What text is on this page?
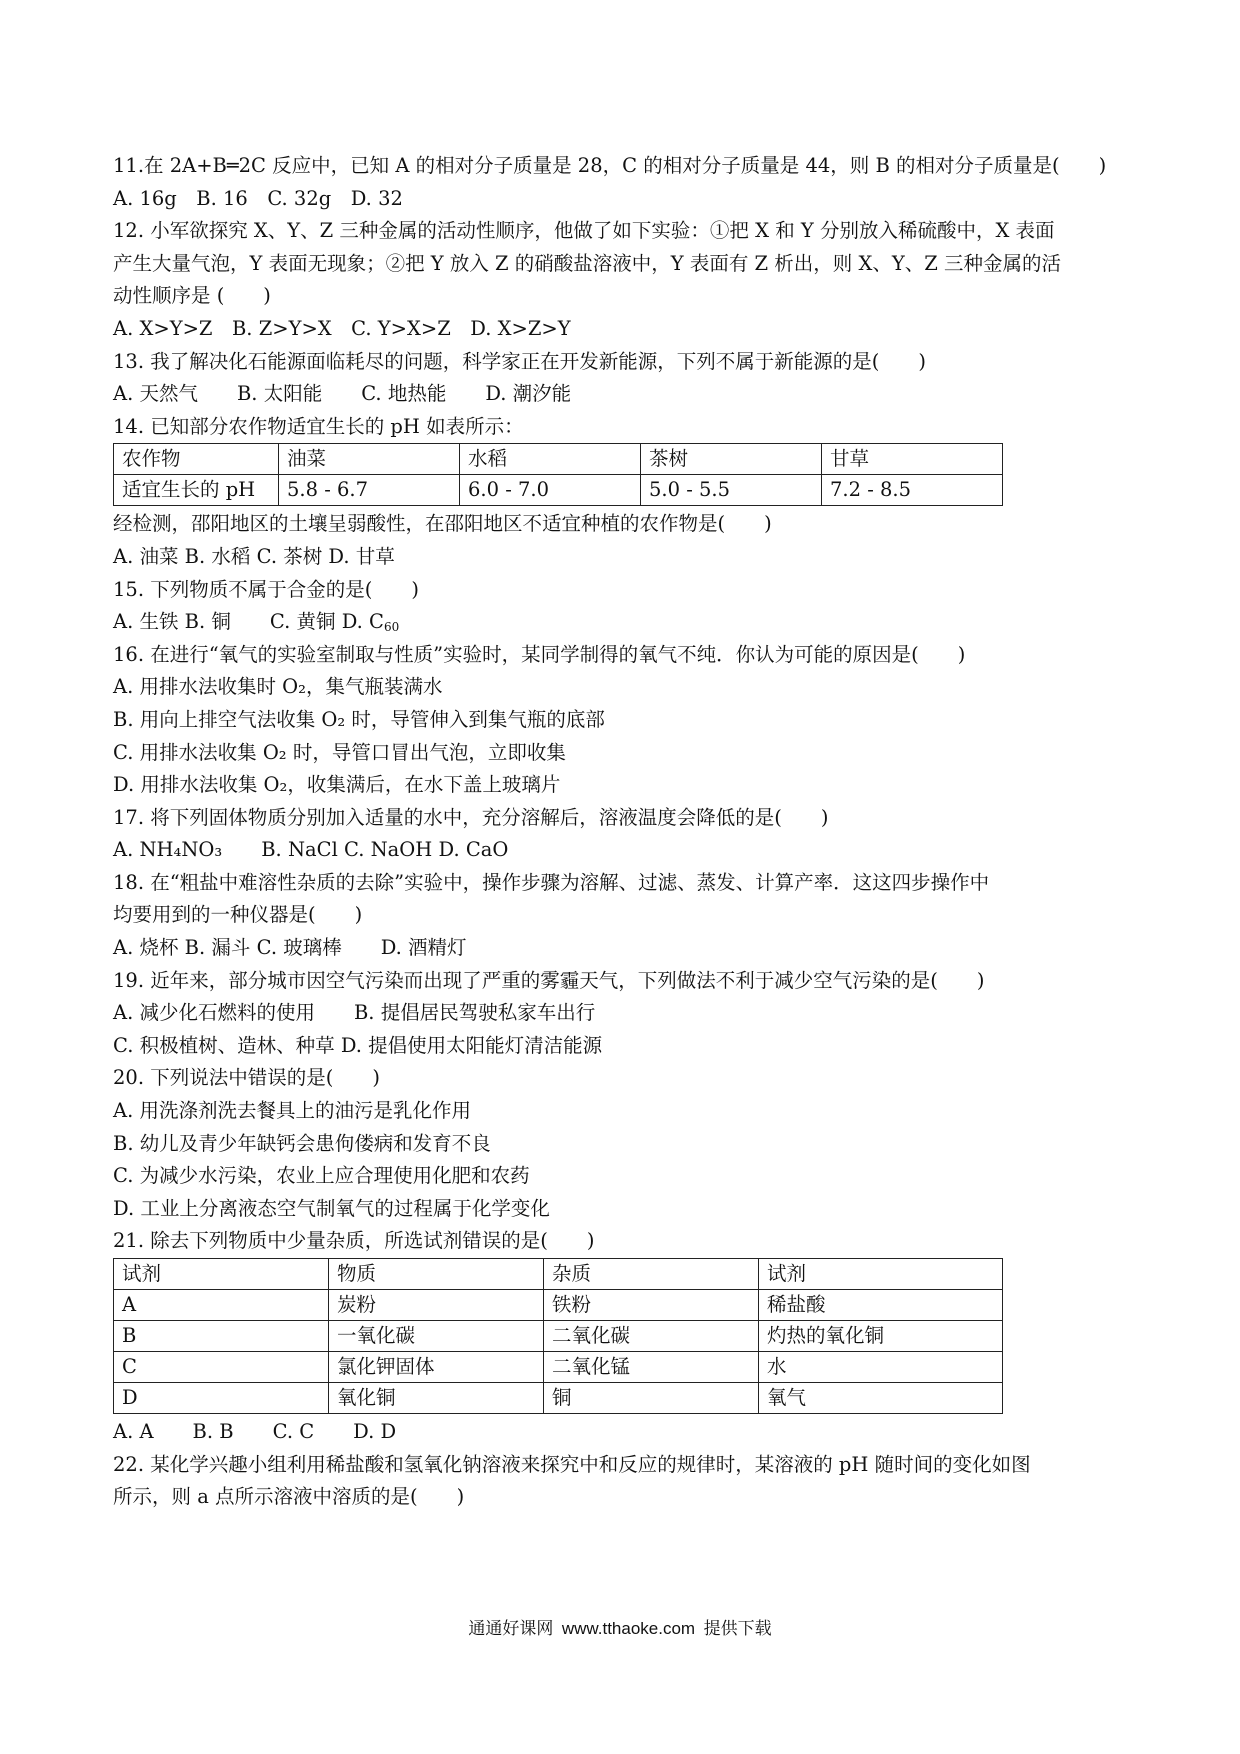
11.在 2A+B═2C 反应中，已知 A 的相对分子质量是 28，C 的相对分子质量是 44，则 B 的相对分子质量是(　　)
A. 16g　B. 16　C. 32g　D. 32
12. 小军欲探究 X、Y、Z 三种金属的活动性顺序，他做了如下实验：①把 X 和 Y 分别放入稀硫酸中，X 表面
产生大量气泡，Y 表面无现象；②把 Y 放入 Z 的硝酸盐溶液中，Y 表面有 Z 析出，则 X、Y、Z 三种金属的活
动性顺序是 (　　)
A. X>Y>Z　B. Z>Y>X　C. Y>X>Z　D. X>Z>Y
13. 我了解决化石能源面临耗尽的问题，科学家正在开发新能源，下列不属于新能源的是(　　)
A. 天然气　　B. 太阳能　　C. 地热能　　D. 潮汐能
14. 已知部分农作物适宜生长的 pH 如表所示：
农作物	油菜	水稻	茶树	甘草
适宜生长的 pH	5.8 - 6.7	6.0 - 7.0	5.0 - 5.5	7.2 - 8.5
经检测，邵阳地区的土壤呈弱酸性，在邵阳地区不适宜种植的农作物是(　　)
A. 油菜 B. 水稻 C. 茶树 D. 甘草
15. 下列物质不属于合金的是(　　)
A. 生铁 B. 铜　　C. 黄铜 D. $C_{60}$
16. 在进行“氧气的实验室制取与性质”实验时，某同学制得的氧气不纯．你认为可能的原因是(　　)
A. 用排水法收集时 O₂，集气瓶装满水
B. 用向上排空气法收集 O₂ 时，导管伸入到集气瓶的底部
C. 用排水法收集 O₂ 时，导管口冒出气泡，立即收集
D. 用排水法收集 O₂，收集满后，在水下盖上玻璃片
17. 将下列固体物质分别加入适量的水中，充分溶解后，溶液温度会降低的是(　　)
A. NH₄NO₃　　B. NaCl C. NaOH D. CaO
18. 在“粗盐中难溶性杂质的去除”实验中，操作步骤为溶解、过滤、蒸发、计算产率．这这四步操作中
均要用到的一种仪器是(　　)
A. 烧杯 B. 漏斗 C. 玻璃棒　　D. 酒精灯
19. 近年来，部分城市因空气污染而出现了严重的雾霾天气，下列做法不利于减少空气污染的是(　　)
A. 减少化石燃料的使用　　B. 提倡居民驾驶私家车出行
C. 积极植树、造林、种草 D. 提倡使用太阳能灯清洁能源
20. 下列说法中错误的是(　　)
A. 用洗涤剂洗去餐具上的油污是乳化作用
B. 幼儿及青少年缺钙会患佝偻病和发育不良
C. 为减少水污染，农业上应合理使用化肥和农药
D. 工业上分离液态空气制氧气的过程属于化学变化
21. 除去下列物质中少量杂质，所选试剂错误的是(　　)
试剂	物质	杂质	试剂
A	炭粉	铁粉	稀盐酸
B	一氧化碳	二氧化碳	灼热的氧化铜
C	氯化钾固体	二氧化锰	水
D	氧化铜	铜	氧气
A. A　　B. B　　C. C　　D. D
22. 某化学兴趣小组利用稀盐酸和氢氧化钠溶液来探究中和反应的规律时，某溶液的 pH 随时间的变化如图
所示，则 a 点所示溶液中溶质的是(　　)
通通好课网 www.tthaoke.com 提供下载
